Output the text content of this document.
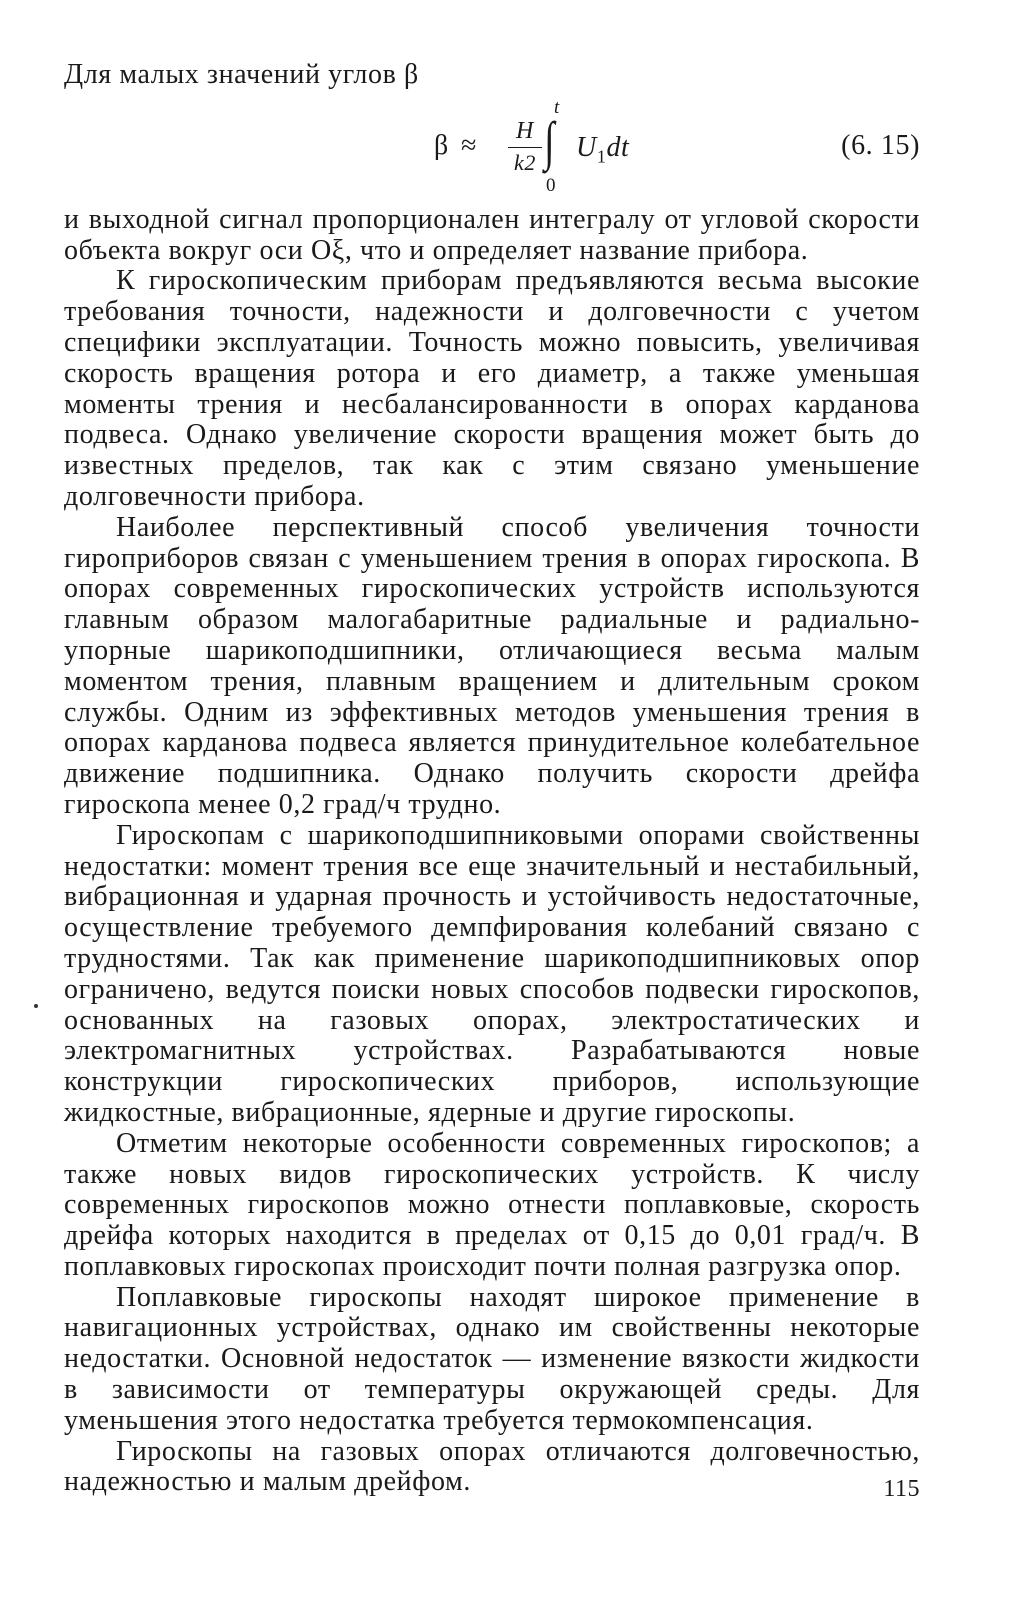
Для малых значений углов β

β ≈	H
k2
t
∫
0
$U_1dt$	(6. 15)

и выходной сигнал пропорционален интегралу от угловой скорости объекта вокруг оси Oξ, что и определяет название прибора.

К гироскопическим приборам предъявляются весьма высокие требования точности, надежности и долговечности с учетом специфики эксплуатации. Точность можно повысить, увеличивая скорость вращения ротора и его диаметр, а также уменьшая моменты трения и несбалансированности в опорах карданова подвеса. Однако увеличение скорости вращения может быть до известных пределов, так как с этим связано уменьшение долговечности прибора.

Наиболее перспективный способ увеличения точности гироприборов связан с уменьшением трения в опорах гироскопа. В опорах современных гироскопических устройств используются главным образом малогабаритные радиальные и радиально-упорные шарикоподшипники, отличающиеся весьма малым моментом трения, плавным вращением и длительным сроком службы. Одним из эффективных методов уменьшения трения в опорах карданова подвеса является принудительное колебательное движение подшипника. Однако получить скорости дрейфа гироскопа менее 0,2 град/ч трудно.

Гироскопам с шарикоподшипниковыми опорами свойственны недостатки: момент трения все еще значительный и нестабильный, вибрационная и ударная прочность и устойчивость недостаточные, осуществление требуемого демпфирования колебаний связано с трудностями. Так как применение шарикоподшипниковых опор ограничено, ведутся поиски новых способов подвески гироскопов, основанных на газовых опорах, электростатических и электромагнитных устройствах. Разрабатываются новые конструкции гироскопических приборов, использующие жидкостные, вибрационные, ядерные и другие гироскопы.

Отметим некоторые особенности современных гироскопов; а также новых видов гироскопических устройств. К числу современных гироскопов можно отнести поплавковые, скорость дрейфа которых находится в пределах от 0,15 до 0,01 град/ч. В поплавковых гироскопах происходит почти полная разгрузка опор.

Поплавковые гироскопы находят широкое применение в навигационных устройствах, однако им свойственны некоторые недостатки. Основной недостаток — изменение вязкости жидкости в зависимости от температуры окружающей среды. Для уменьшения этого недостатка требуется термокомпенсация.

Гироскопы на газовых опорах отличаются долговечностью, надежностью и малым дрейфом.	115
